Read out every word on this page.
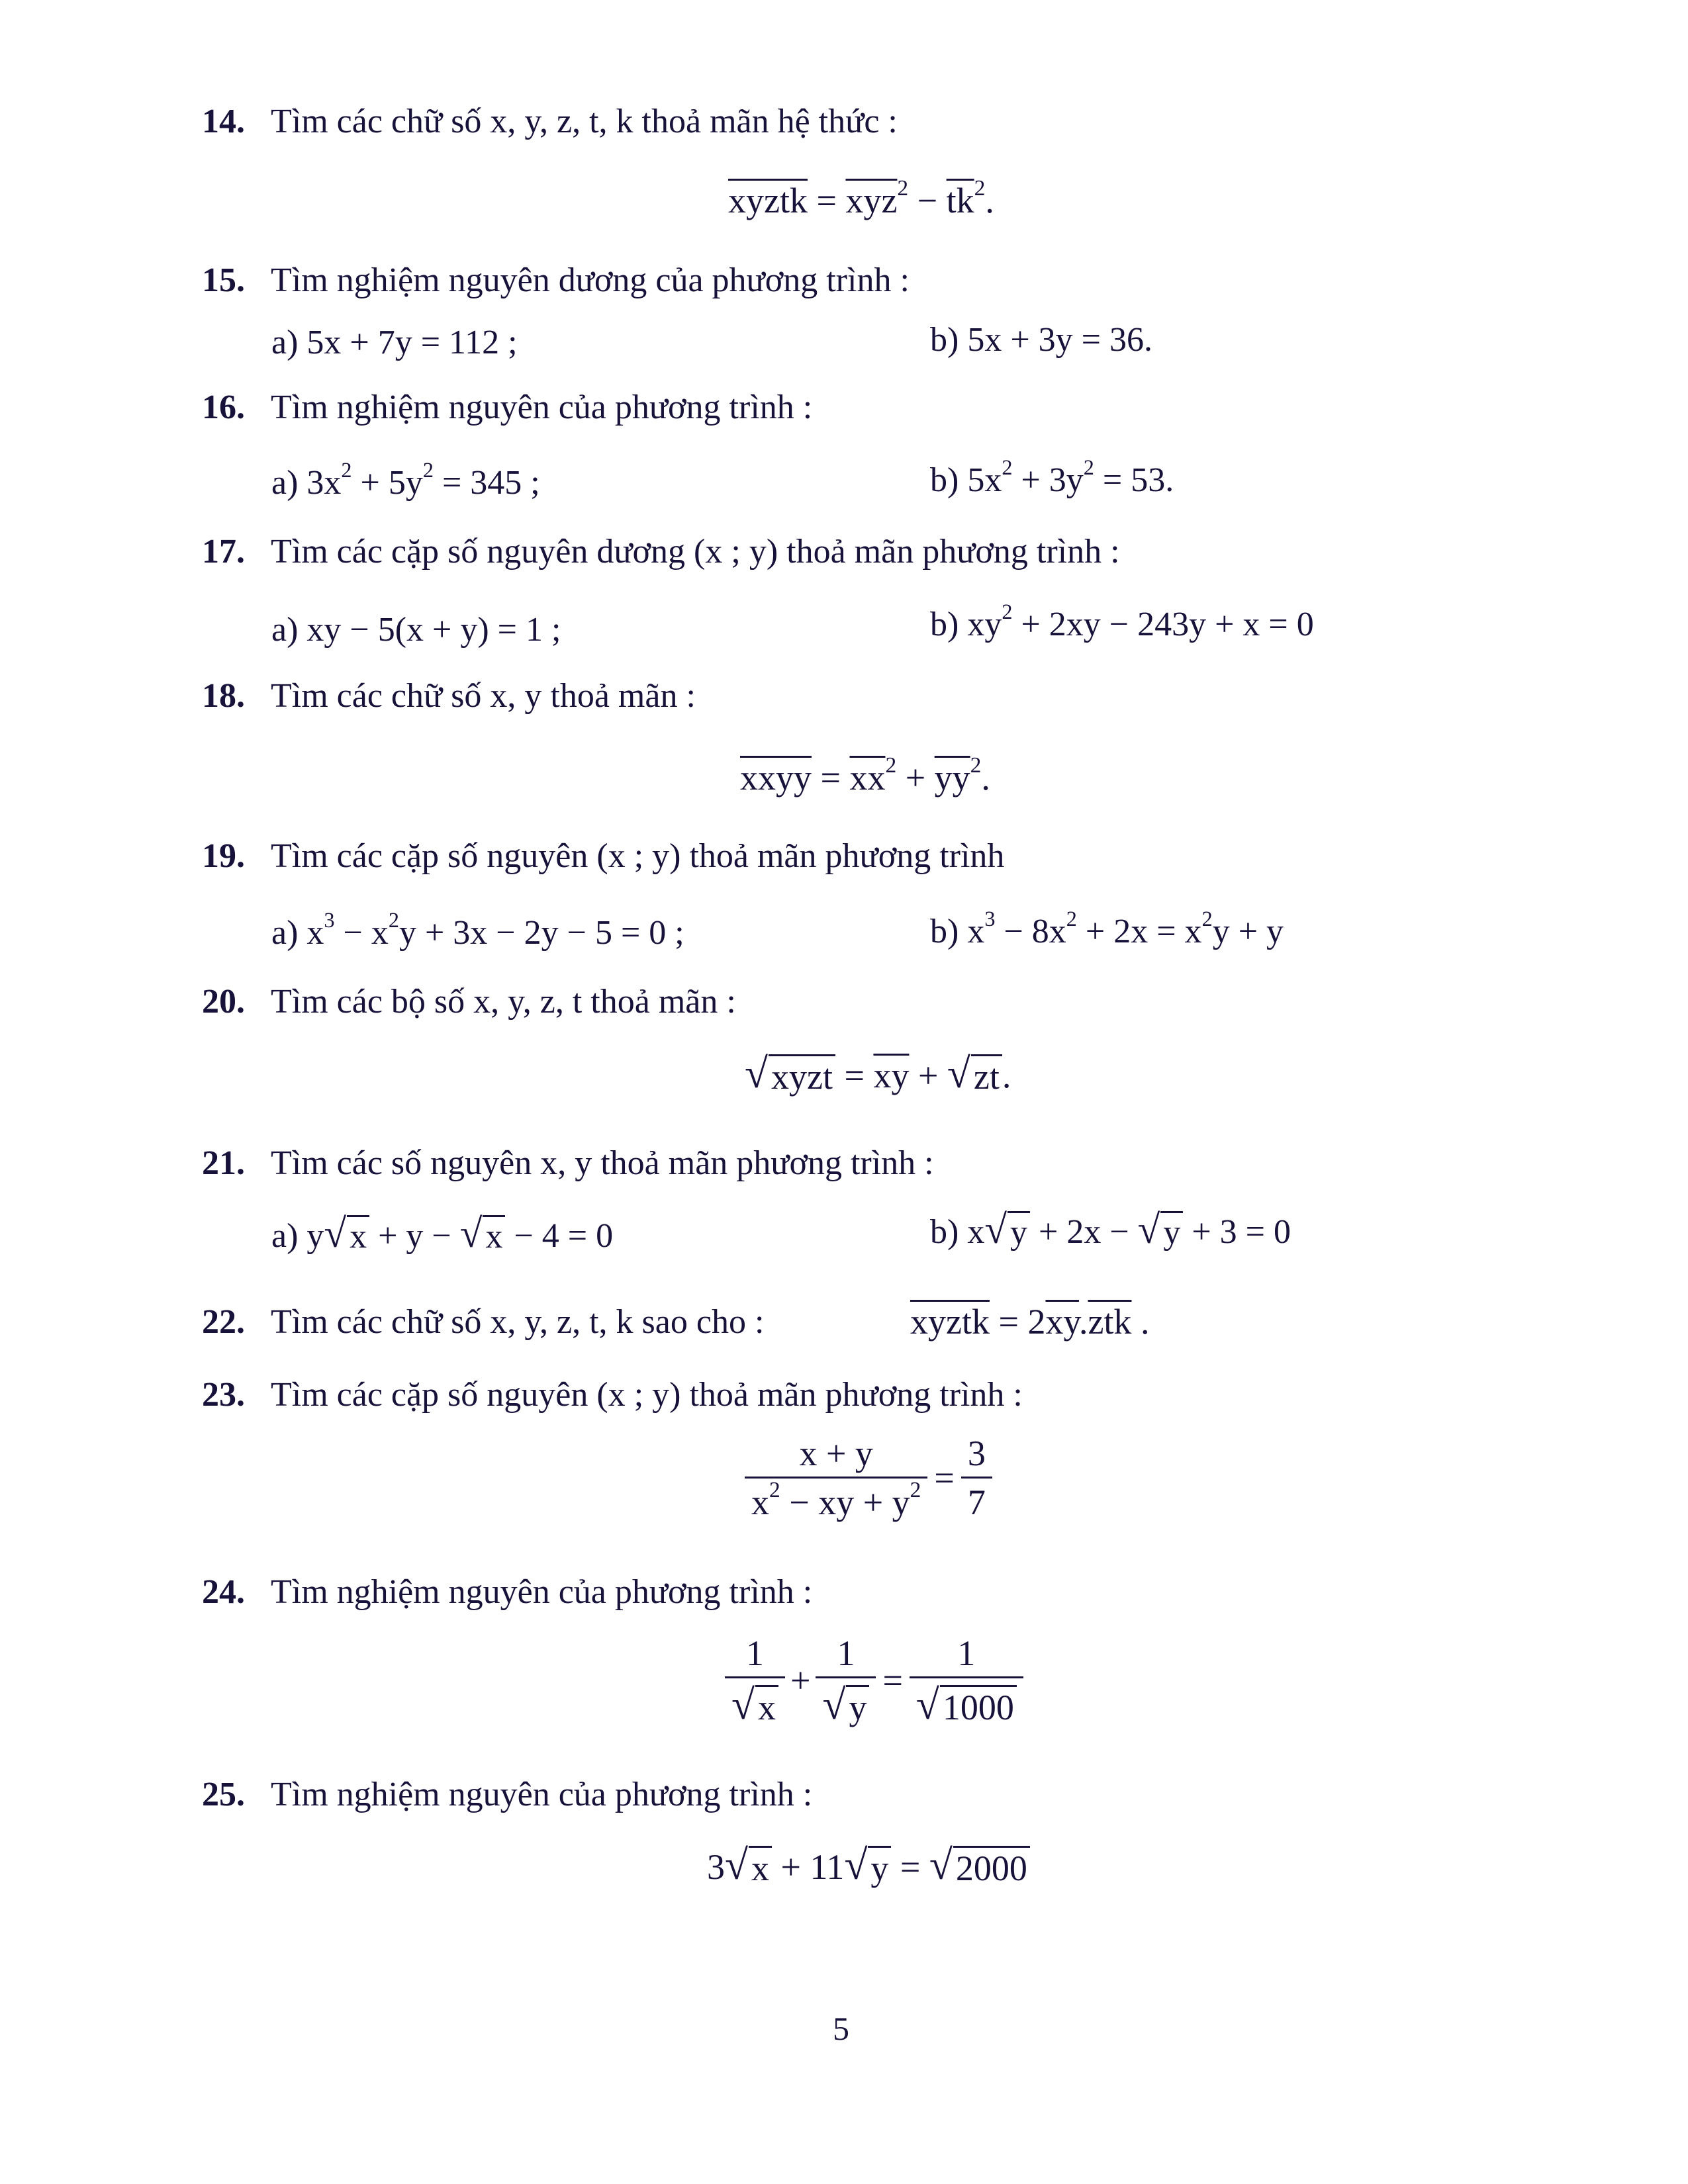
14. Tìm các chữ số x, y, z, t, k thoả mãn hệ thức :
xyztk = $\overline{xyz}^2 - \overline{tk}^2$.
15. Tìm nghiệm nguyên dương của phương trình :
a) 5x + 7y = 112 ;	b) 5x + 3y = 36.
16. Tìm nghiệm nguyên của phương trình :
a) $3x^2 + 5y^2 = 345$ ;	b) $5x^2 + 3y^2 = 53$.
17. Tìm các cặp số nguyên dương (x ; y) thoả mãn phương trình :
a) xy − 5(x + y) = 1 ;	b) $xy^2 + 2xy - 243y + x = 0$
18. Tìm các chữ số x, y thoả mãn :
xxyy = $\overline{xx}^2 + \overline{yy}^2$.
19. Tìm các cặp số nguyên (x ; y) thoả mãn phương trình
a) $x^3 - x^2y + 3x - 2y - 5 = 0$ ;	b) $x^3 - 8x^2 + 2x = x^2y + y$
20. Tìm các bộ số x, y, z, t thoả mãn :
√ xyzt = $\overline{xy}$ + √ zt .
21. Tìm các số nguyên x, y thoả mãn phương trình :
a) y √ x + y − √ x − 4 = 0	b) x √ y + 2x − √ y + 3 = 0
22. Tìm các chữ số x, y, z, t, k sao cho :	xyztk = $2\overline{xy}.\overline{ztk}$ .
23. Tìm các cặp số nguyên (x ; y) thoả mãn phương trình :
$\frac{x + y}{x^2 - xy + y^2} = \frac{3}{7}$
24. Tìm nghiệm nguyên của phương trình :
$\frac{1}{√ x} + \frac{1}{√ y} = \frac{1}{√ 1000}$
25. Tìm nghiệm nguyên của phương trình :
3 √ x + 11 √ y = √ 2000
5
